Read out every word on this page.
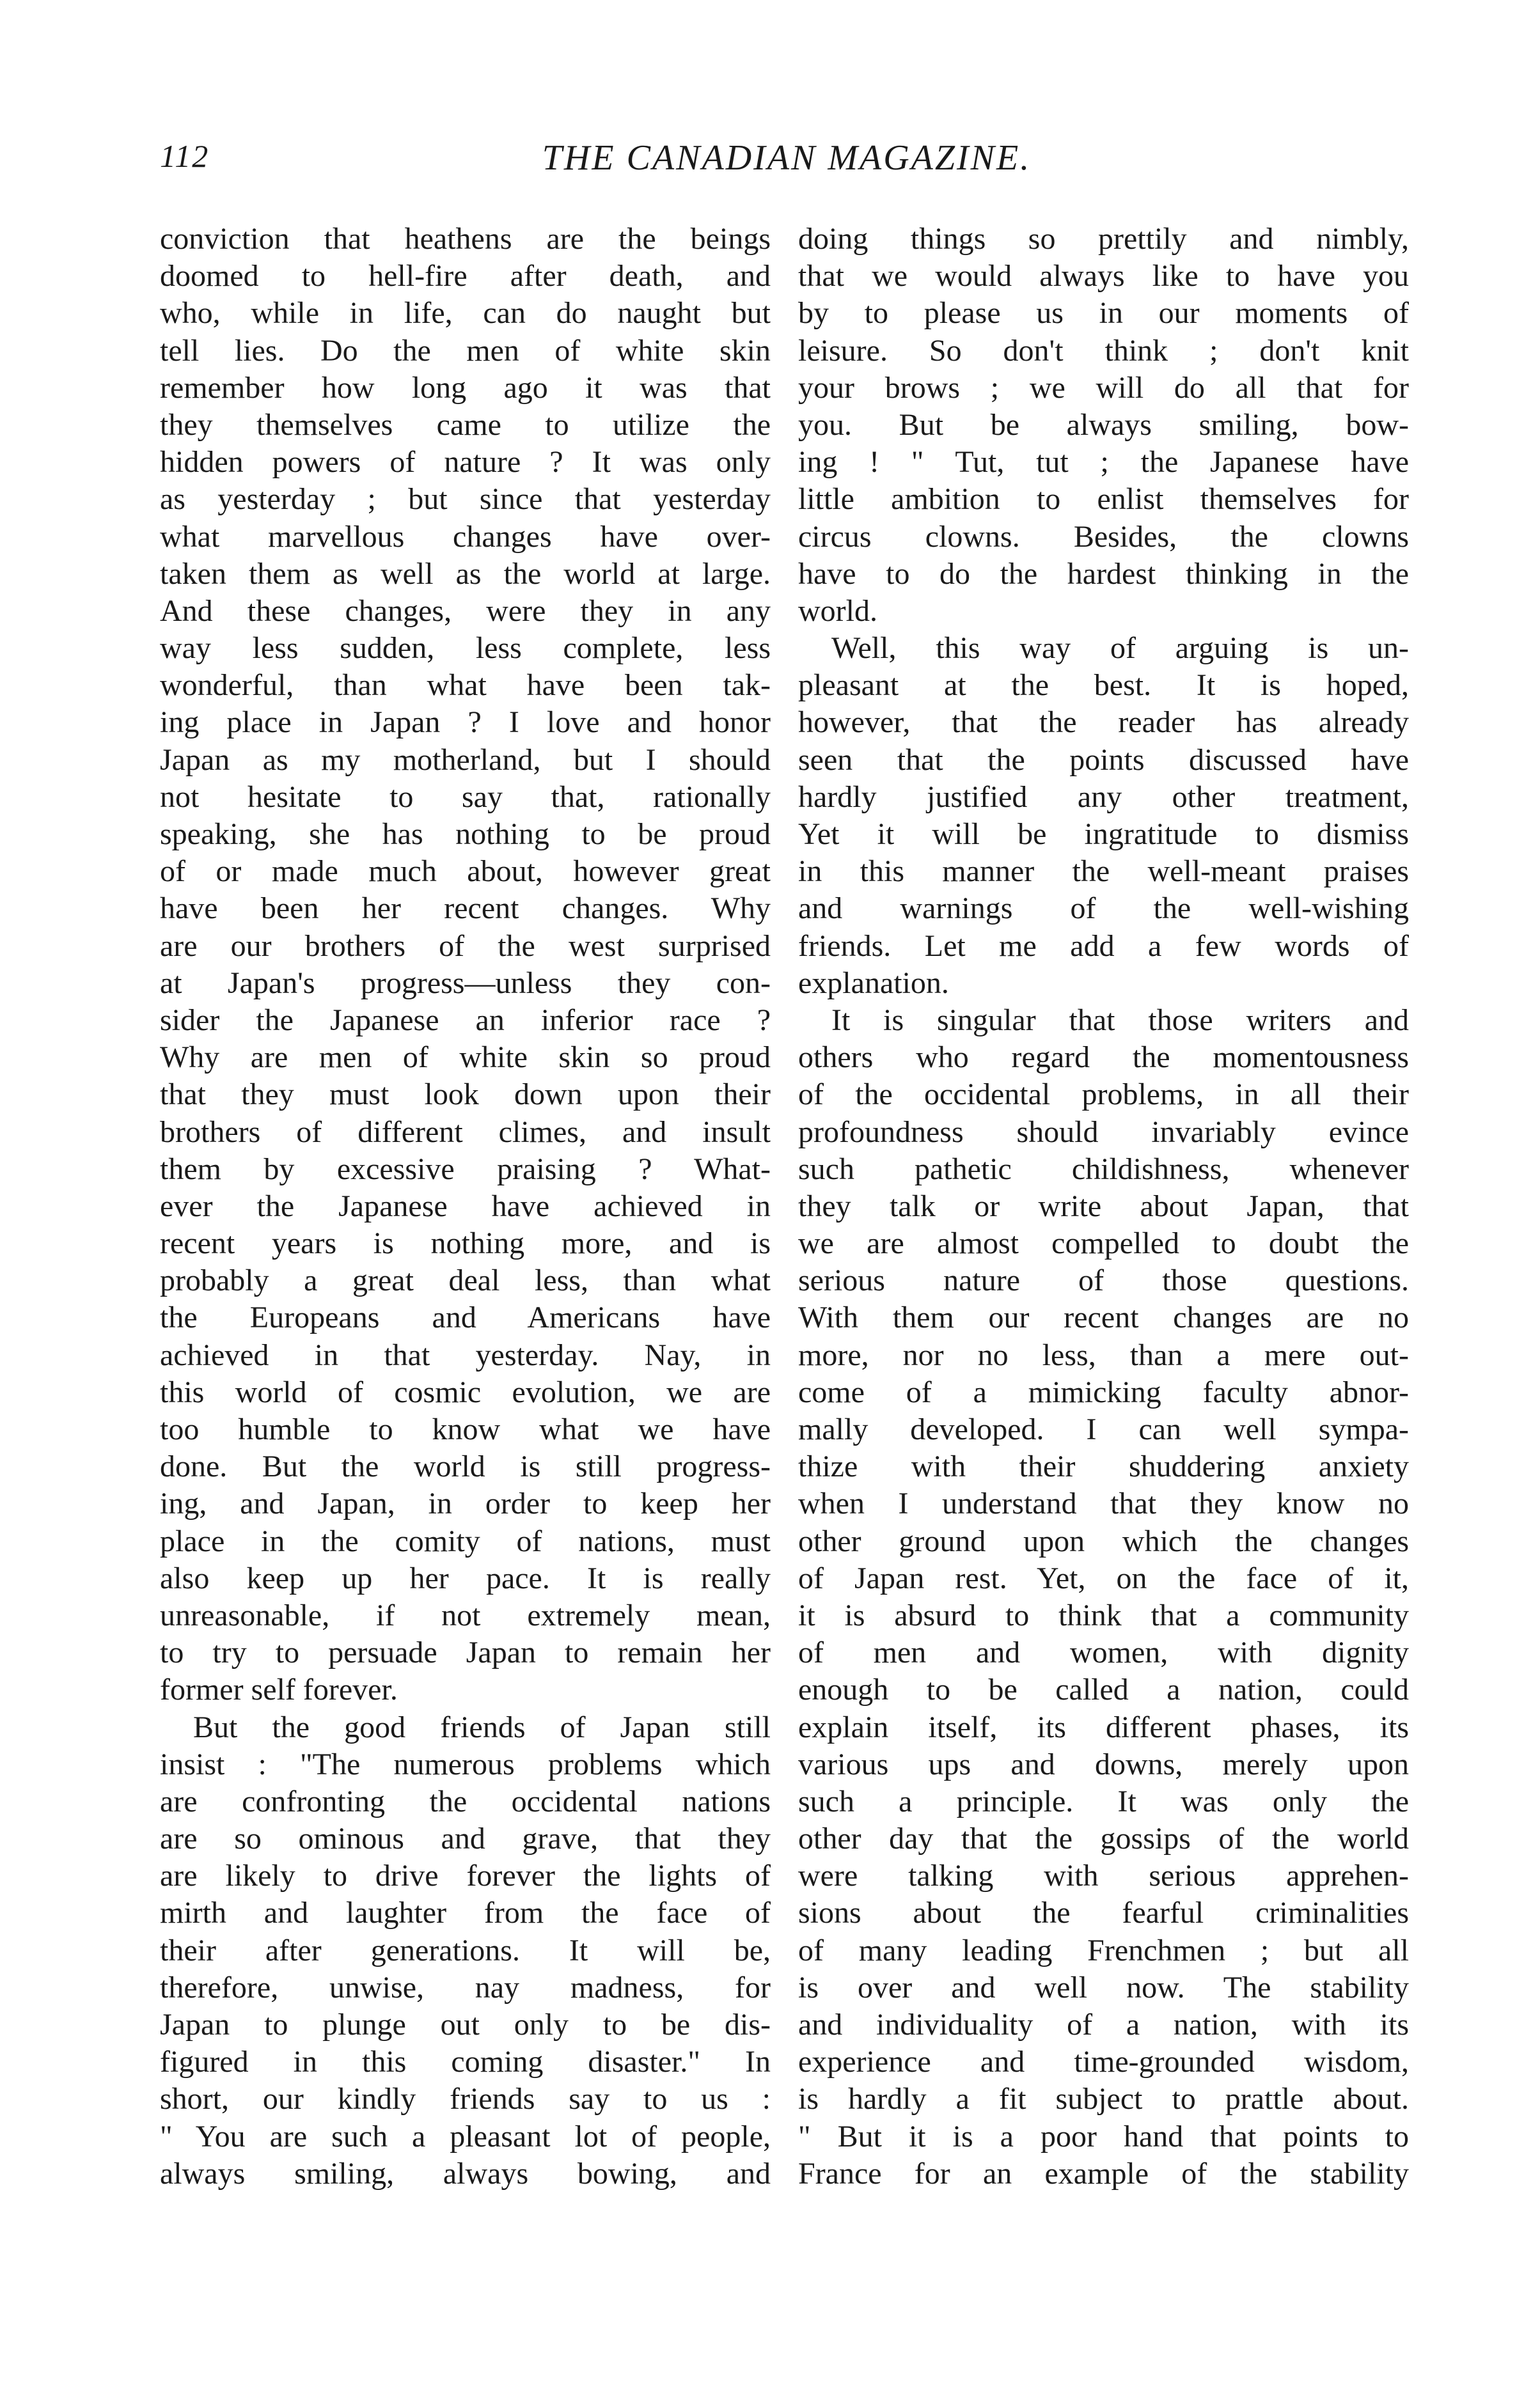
112	THE CANADIAN MAGAZINE.
conviction that heathens are the beings
doomed to hell-fire after death, and
who, while in life, can do naught but
tell lies. Do the men of white skin
remember how long ago it was that
they themselves came to utilize the
hidden powers of nature ? It was only
as yesterday ; but since that yesterday
what marvellous changes have over-
taken them as well as the world at large.
And these changes, were they in any
way less sudden, less complete, less
wonderful, than what have been tak-
ing place in Japan ? I love and honor
Japan as my motherland, but I should
not hesitate to say that, rationally
speaking, she has nothing to be proud
of or made much about, however great
have been her recent changes. Why
are our brothers of the west surprised
at Japan's progress—unless they con-
sider the Japanese an inferior race ?
Why are men of white skin so proud
that they must look down upon their
brothers of different climes, and insult
them by excessive praising ? What-
ever the Japanese have achieved in
recent years is nothing more, and is
probably a great deal less, than what
the Europeans and Americans have
achieved in that yesterday. Nay, in
this world of cosmic evolution, we are
too humble to know what we have
done. But the world is still progress-
ing, and Japan, in order to keep her
place in the comity of nations, must
also keep up her pace. It is really
unreasonable, if not extremely mean,
to try to persuade Japan to remain her
former self forever.
But the good friends of Japan still
insist : "The numerous problems which
are confronting the occidental nations
are so ominous and grave, that they
are likely to drive forever the lights of
mirth and laughter from the face of
their after generations. It will be,
therefore, unwise, nay madness, for
Japan to plunge out only to be dis-
figured in this coming disaster." In
short, our kindly friends say to us :
" You are such a pleasant lot of people,
always smiling, always bowing, and
doing things so prettily and nimbly,
that we would always like to have you
by to please us in our moments of
leisure. So don't think ; don't knit
your brows ; we will do all that for
you. But be always smiling, bow-
ing ! " Tut, tut ; the Japanese have
little ambition to enlist themselves for
circus clowns. Besides, the clowns
have to do the hardest thinking in the
world.
Well, this way of arguing is un-
pleasant at the best. It is hoped,
however, that the reader has already
seen that the points discussed have
hardly justified any other treatment,
Yet it will be ingratitude to dismiss
in this manner the well-meant praises
and warnings of the well-wishing
friends. Let me add a few words of
explanation.
It is singular that those writers and
others who regard the momentousness
of the occidental problems, in all their
profoundness should invariably evince
such pathetic childishness, whenever
they talk or write about Japan, that
we are almost compelled to doubt the
serious nature of those questions.
With them our recent changes are no
more, nor no less, than a mere out-
come of a mimicking faculty abnor-
mally developed. I can well sympa-
thize with their shuddering anxiety
when I understand that they know no
other ground upon which the changes
of Japan rest. Yet, on the face of it,
it is absurd to think that a community
of men and women, with dignity
enough to be called a nation, could
explain itself, its different phases, its
various ups and downs, merely upon
such a principle. It was only the
other day that the gossips of the world
were talking with serious apprehen-
sions about the fearful criminalities
of many leading Frenchmen ; but all
is over and well now. The stability
and individuality of a nation, with its
experience and time-grounded wisdom,
is hardly a fit subject to prattle about.
" But it is a poor hand that points to
France for an example of the stability
